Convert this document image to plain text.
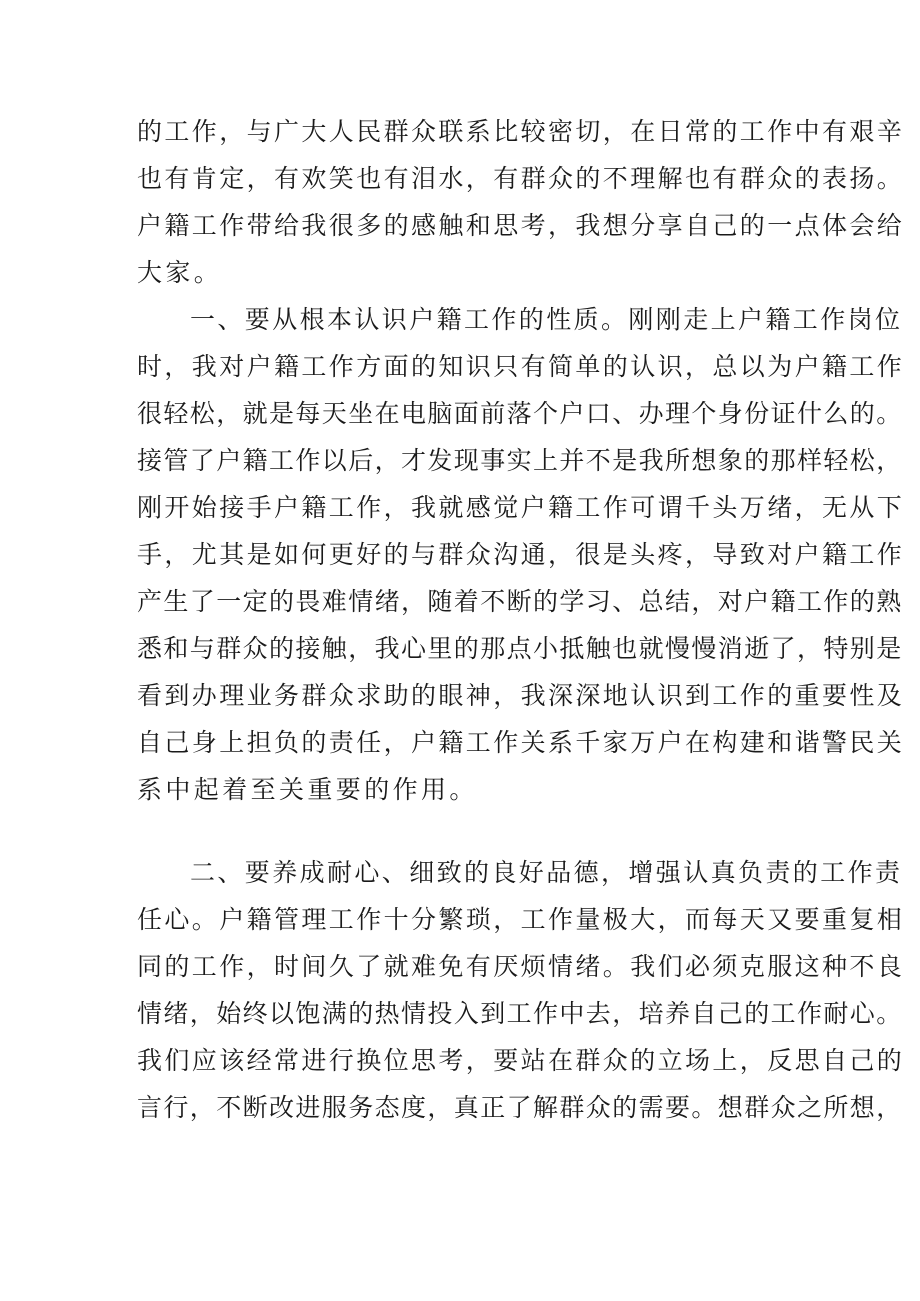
的工作，与广大人民群众联系比较密切，在日常的工作中有艰辛
也有肯定，有欢笑也有泪水，有群众的不理解也有群众的表扬。
户籍工作带给我很多的感触和思考，我想分享自己的一点体会给
大家。
一、要从根本认识户籍工作的性质。刚刚走上户籍工作岗位
时，我对户籍工作方面的知识只有简单的认识，总以为户籍工作
很轻松，就是每天坐在电脑面前落个户口、办理个身份证什么的。
接管了户籍工作以后，才发现事实上并不是我所想象的那样轻松，
刚开始接手户籍工作，我就感觉户籍工作可谓千头万绪，无从下
手，尤其是如何更好的与群众沟通，很是头疼，导致对户籍工作
产生了一定的畏难情绪，随着不断的学习、总结，对户籍工作的熟
悉和与群众的接触，我心里的那点小抵触也就慢慢消逝了，特别是
看到办理业务群众求助的眼神，我深深地认识到工作的重要性及
自己身上担负的责任，户籍工作关系千家万户在构建和谐警民关
系中起着至关重要的作用。
二、要养成耐心、细致的良好品德，增强认真负责的工作责
任心。户籍管理工作十分繁琐，工作量极大，而每天又要重复相
同的工作，时间久了就难免有厌烦情绪。我们必须克服这种不良
情绪，始终以饱满的热情投入到工作中去，培养自己的工作耐心。
我们应该经常进行换位思考，要站在群众的立场上，反思自己的
言行，不断改进服务态度，真正了解群众的需要。想群众之所想，
